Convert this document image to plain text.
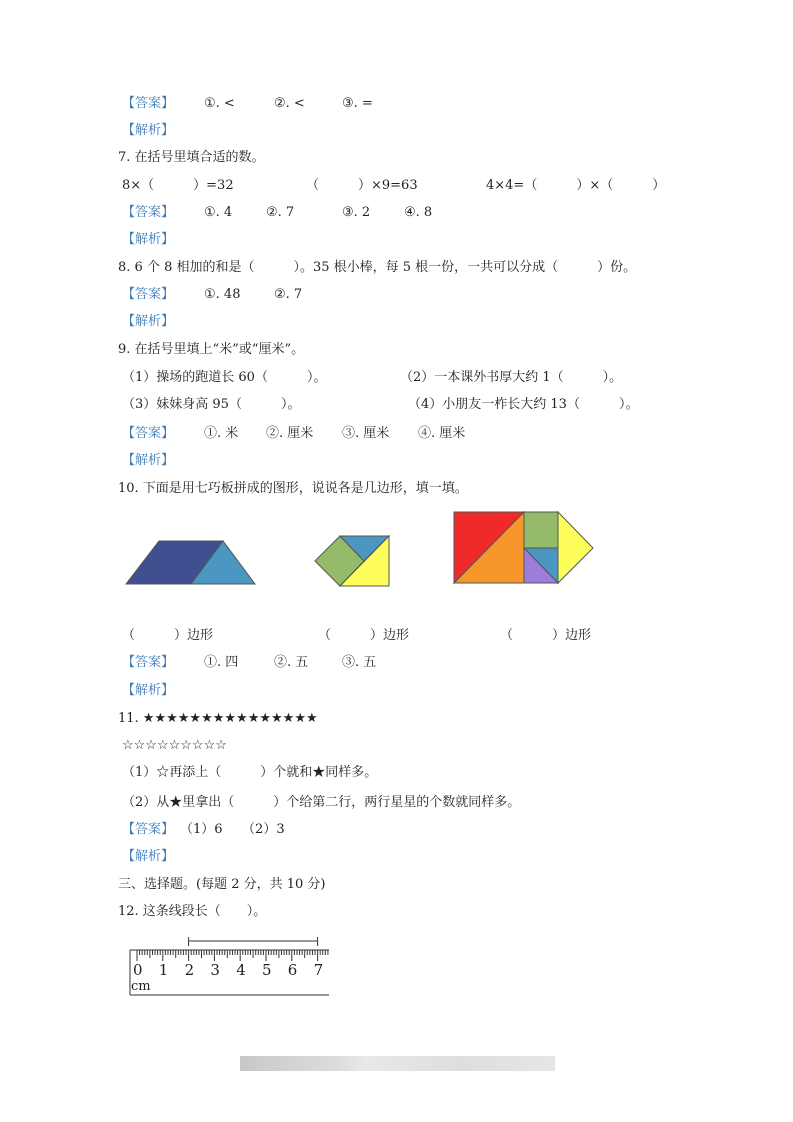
【答案】 ①. <	②. <	③. =
【解析】
7. 在括号里填合适的数。
8×（　　　）=32	（　　　）×9=63	4×4=（　　　）×（　　　）
【答案】 ①. 4	②. 7	③. 2	④. 8
【解析】
8. 6 个 8 相加的和是（　　　）。35 根小棒，每 5 根一份，一共可以分成（　　　）份。
【答案】 ①. 48	②. 7
【解析】
9. 在括号里填上“米”或“厘米”。
（1）操场的跑道长 60（　　　）。	（2）一本课外书厚大约 1（　　　）。
（3）妹妹身高 95（　　　）。	（4）小朋友一柞长大约 13（　　　）。
【答案】 ①. 米 ②. 厘米 ③. 厘米 ④. 厘米
【解析】
10. 下面是用七巧板拼成的图形，说说各是几边形，填一填。
（　　　）边形	（　　　）边形	（　　　）边形
【答案】 ①. 四	②. 五	③. 五
【解析】
11. ★★★★★★★★★★★★★★★
☆☆☆☆☆☆☆☆☆
（1）☆再添上（　　　）个就和★同样多。
（2）从★里拿出（　　　）个给第二行，两行星星的个数就同样多。
【答案】 （1）6　　（2）3
【解析】
三、选择题。(每题 2 分，共 10 分)
12. 这条线段长（　　）。
0 1 2 3 4 5 6 7
cm
